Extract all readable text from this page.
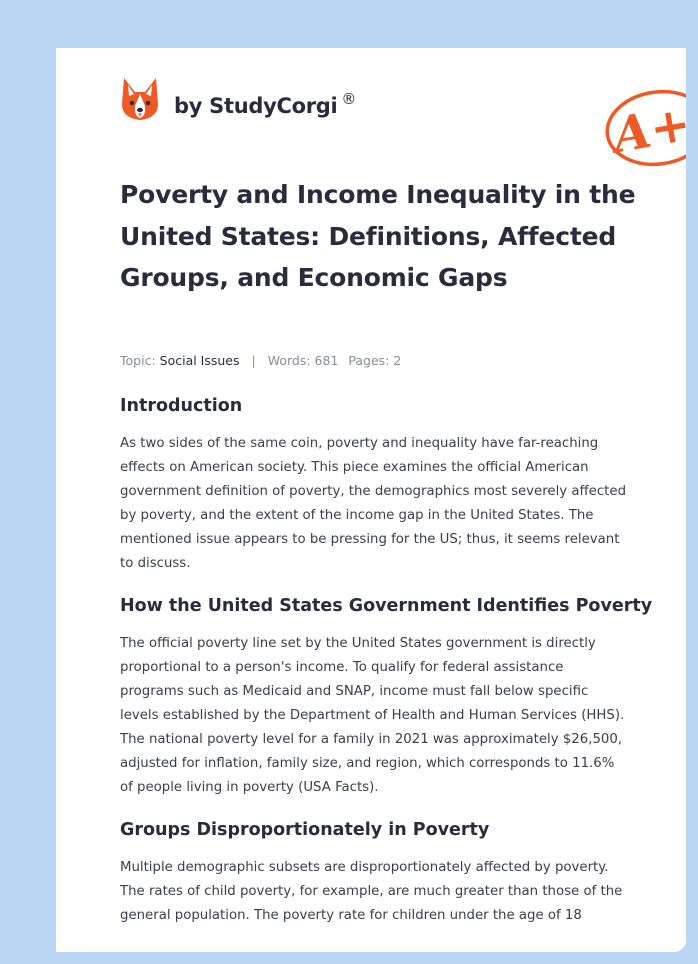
by StudyCorgi ®	A+
Poverty and Income Inequality in the United States: Definitions, Affected Groups, and Economic Gaps
Topic: Social Issues | Words: 681 Pages: 2
Introduction

As two sides of the same coin, poverty and inequality have far-reaching effects on American society. This piece examines the official American government definition of poverty, the demographics most severely affected by poverty, and the extent of the income gap in the United States. The mentioned issue appears to be pressing for the US; thus, it seems relevant to discuss.

How the United States Government Identifies Poverty

The official poverty line set by the United States government is directly proportional to a person's income. To qualify for federal assistance programs such as Medicaid and SNAP, income must fall below specific levels established by the Department of Health and Human Services (HHS). The national poverty level for a family in 2021 was approximately $26,500, adjusted for inflation, family size, and region, which corresponds to 11.6% of people living in poverty (USA Facts).

Groups Disproportionately in Poverty

Multiple demographic subsets are disproportionately affected by poverty. The rates of child poverty, for example, are much greater than those of the general population. The poverty rate for children under the age of 18
